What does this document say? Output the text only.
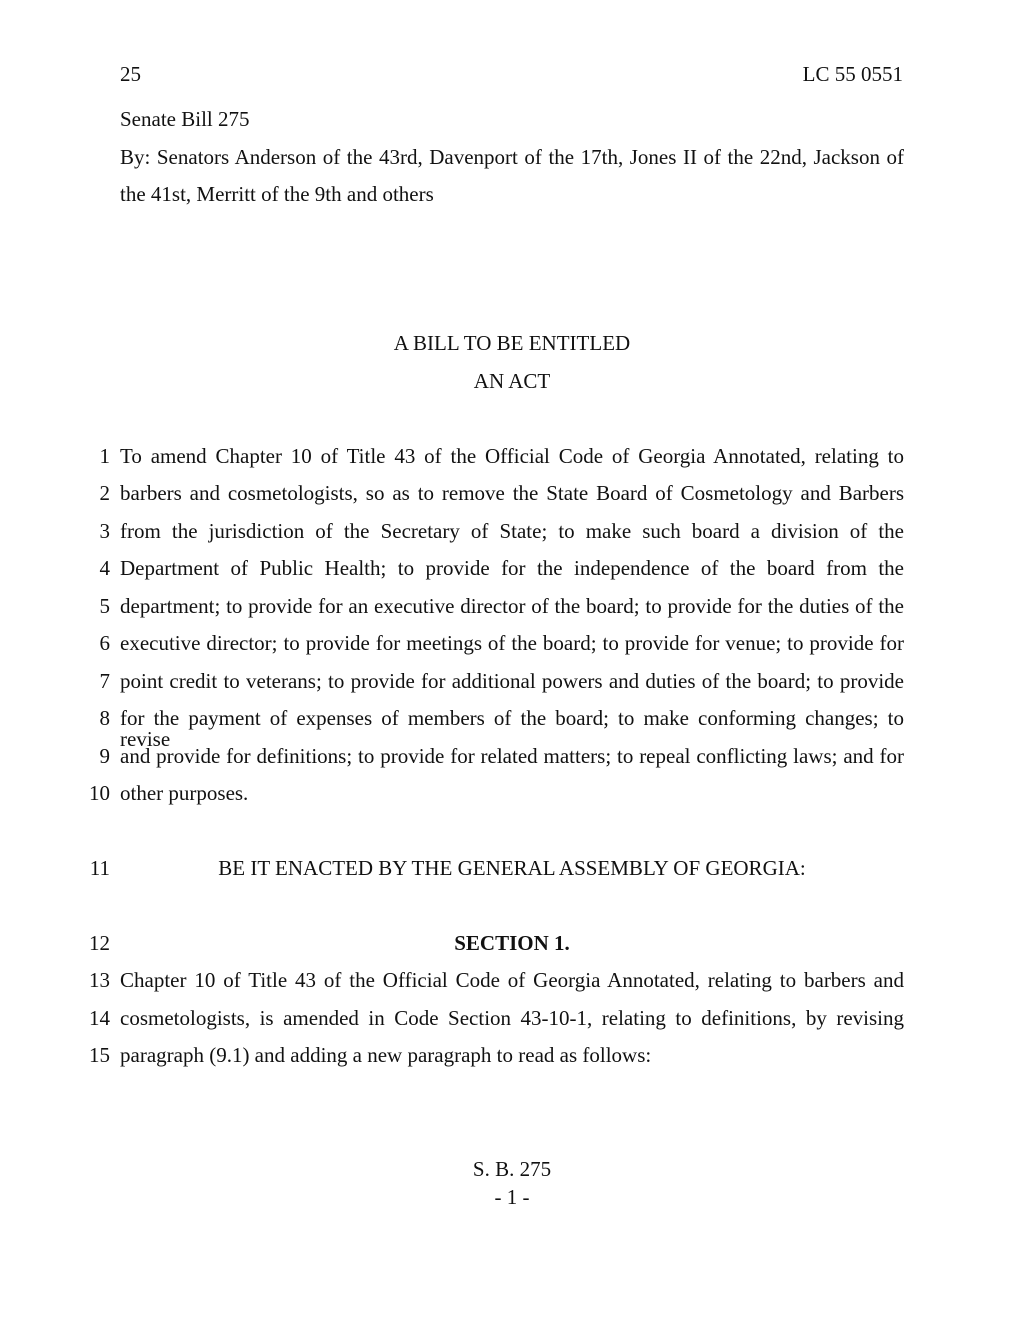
25	LC 55 0551
Senate Bill 275
By: Senators Anderson of the 43rd, Davenport of the 17th, Jones II of the 22nd, Jackson of
the 41st, Merritt of the 9th and others
A BILL TO BE ENTITLED
AN ACT
1 To amend Chapter 10 of Title 43 of the Official Code of Georgia Annotated, relating to
2 barbers and cosmetologists, so as to remove the State Board of Cosmetology and Barbers
3 from the jurisdiction of the Secretary of State; to make such board a division of the
4 Department of Public Health; to provide for the independence of the board from the
5 department; to provide for an executive director of the board; to provide for the duties of the
6 executive director; to provide for meetings of the board; to provide for venue; to provide for
7 point credit to veterans; to provide for additional powers and duties of the board; to provide
8 for the payment of expenses of members of the board; to make conforming changes; to revise
9 and provide for definitions; to provide for related matters; to repeal conflicting laws; and for
10 other purposes.
11	BE IT ENACTED BY THE GENERAL ASSEMBLY OF GEORGIA:
12	SECTION 1.
13 Chapter 10 of Title 43 of the Official Code of Georgia Annotated, relating to barbers and
14 cosmetologists, is amended in Code Section 43-10-1, relating to definitions, by revising
15 paragraph (9.1) and adding a new paragraph to read as follows:
S. B. 275
- 1 -
